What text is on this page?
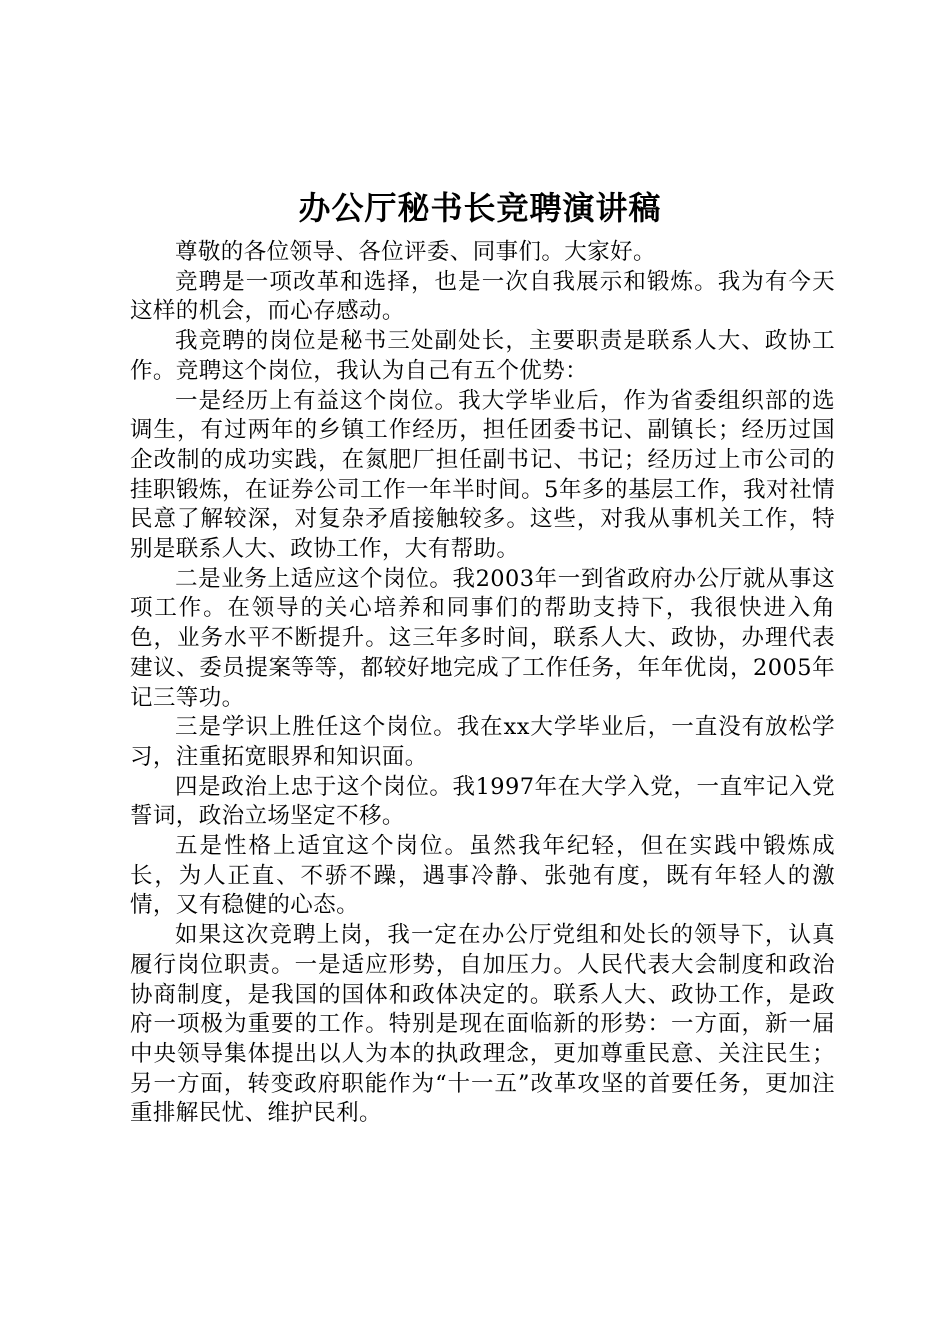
办公厅秘书长竞聘演讲稿

尊敬的各位领导、各位评委、同事们。大家好。

竞聘是一项改革和选择，也是一次自我展示和锻炼。我为有今天这样的机会，而心存感动。

我竞聘的岗位是秘书三处副处长，主要职责是联系人大、政协工作。竞聘这个岗位，我认为自己有五个优势：

一是经历上有益这个岗位。我大学毕业后，作为省委组织部的选调生，有过两年的乡镇工作经历，担任团委书记、副镇长；经历过国企改制的成功实践，在氮肥厂担任副书记、书记；经历过上市公司的挂职锻炼，在证券公司工作一年半时间。5年多的基层工作，我对社情民意了解较深，对复杂矛盾接触较多。这些，对我从事机关工作，特别是联系人大、政协工作，大有帮助。

二是业务上适应这个岗位。我2003年一到省政府办公厅就从事这项工作。在领导的关心培养和同事们的帮助支持下，我很快进入角色，业务水平不断提升。这三年多时间，联系人大、政协，办理代表建议、委员提案等等，都较好地完成了工作任务，年年优岗，2005年记三等功。

三是学识上胜任这个岗位。我在xx大学毕业后，一直没有放松学习，注重拓宽眼界和知识面。

四是政治上忠于这个岗位。我1997年在大学入党，一直牢记入党誓词，政治立场坚定不移。

五是性格上适宜这个岗位。虽然我年纪轻，但在实践中锻炼成长，为人正直、不骄不躁，遇事冷静、张弛有度，既有年轻人的激情，又有稳健的心态。

如果这次竞聘上岗，我一定在办公厅党组和处长的领导下，认真履行岗位职责。一是适应形势，自加压力。人民代表大会制度和政治协商制度，是我国的国体和政体决定的。联系人大、政协工作，是政府一项极为重要的工作。特别是现在面临新的形势：一方面，新一届中央领导集体提出以人为本的执政理念，更加尊重民意、关注民生；另一方面，转变政府职能作为“十一五”改革攻坚的首要任务，更加注重排解民忧、维护民利。
